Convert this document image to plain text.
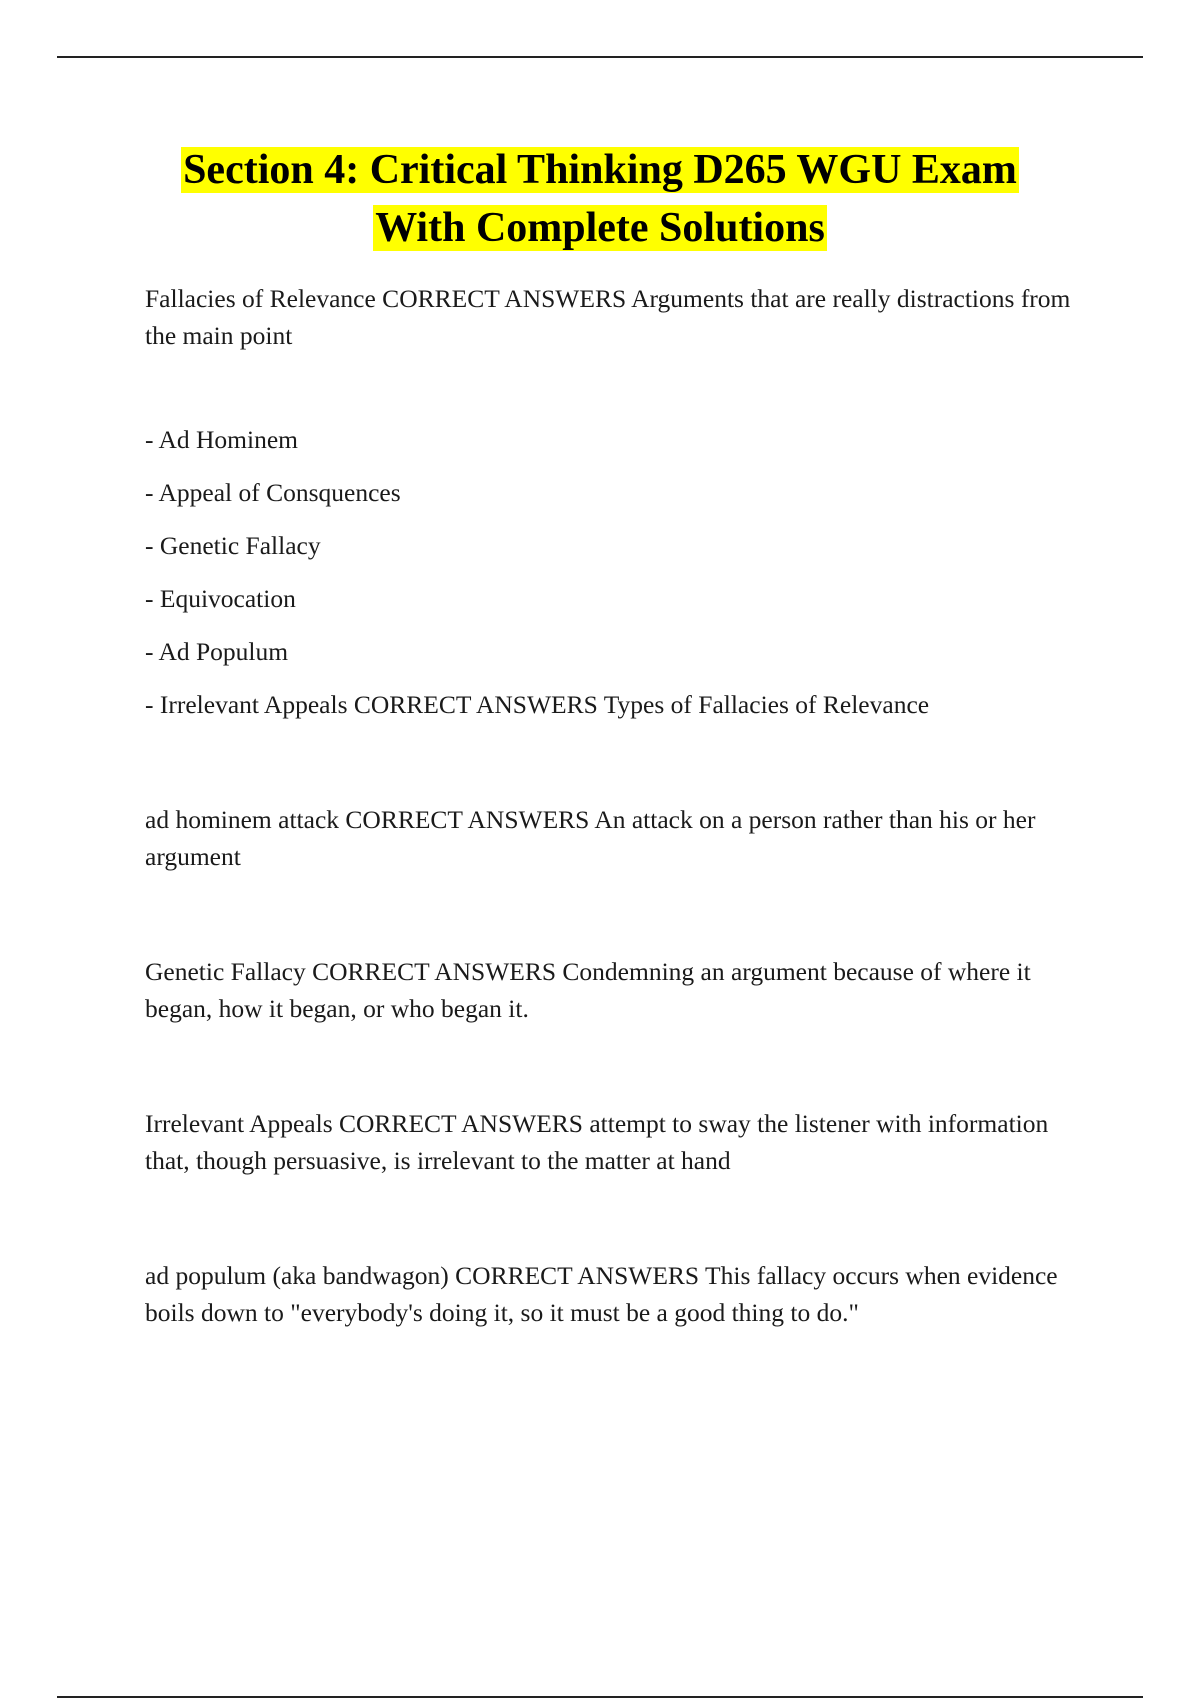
Section 4: Critical Thinking D265 WGU Exam
With Complete Solutions

Fallacies of Relevance CORRECT ANSWERS Arguments that are really distractions from the main point

- Ad Hominem
- Appeal of Consquences
- Genetic Fallacy
- Equivocation
- Ad Populum
- Irrelevant Appeals CORRECT ANSWERS Types of Fallacies of Relevance

ad hominem attack CORRECT ANSWERS An attack on a person rather than his or her argument

Genetic Fallacy CORRECT ANSWERS Condemning an argument because of where it began, how it began, or who began it.

Irrelevant Appeals CORRECT ANSWERS attempt to sway the listener with information that, though persuasive, is irrelevant to the matter at hand

ad populum (aka bandwagon) CORRECT ANSWERS This fallacy occurs when evidence boils down to "everybody's doing it, so it must be a good thing to do."
